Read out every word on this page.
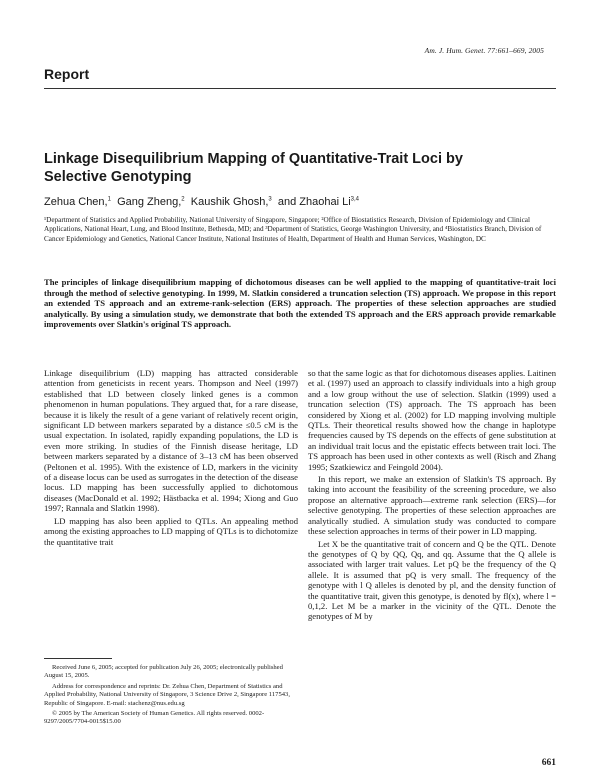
Am. J. Hum. Genet. 77:661–669, 2005
Report
Linkage Disequilibrium Mapping of Quantitative-Trait Loci by Selective Genotyping
Zehua Chen,$^1$ Gang Zheng,$^2$ Kaushik Ghosh,$^3$ and Zhaohai Li$^{3,4}$
¹Department of Statistics and Applied Probability, National University of Singapore, Singapore; ²Office of Biostatistics Research, Division of Epidemiology and Clinical Applications, National Heart, Lung, and Blood Institute, Bethesda, MD; and ³Department of Statistics, George Washington University, and ⁴Biostatistics Branch, Division of Cancer Epidemiology and Genetics, National Cancer Institute, National Institutes of Health, Department of Health and Human Services, Washington, DC
The principles of linkage disequilibrium mapping of dichotomous diseases can be well applied to the mapping of quantitative-trait loci through the method of selective genotyping. In 1999, M. Slatkin considered a truncation selection (TS) approach. We propose in this report an extended TS approach and an extreme-rank-selection (ERS) approach. The properties of these selection approaches are studied analytically. By using a simulation study, we demonstrate that both the extended TS approach and the ERS approach provide remarkable improvements over Slatkin's original TS approach.

Linkage disequilibrium (LD) mapping has attracted considerable attention from geneticists in recent years. Thompson and Neel (1997) established that LD between closely linked genes is a common phenomenon in human populations. They argued that, for a rare disease, because it is likely the result of a gene variant of relatively recent origin, significant LD between markers separated by a distance ≤0.5 cM is the usual expectation. In isolated, rapidly expanding populations, the LD is even more striking. In studies of the Finnish disease heritage, LD between markers separated by a distance of 3–13 cM has been observed (Peltonen et al. 1995). With the existence of LD, markers in the vicinity of a disease locus can be used as surrogates in the detection of the disease locus. LD mapping has been successfully applied to dichotomous diseases (MacDonald et al. 1992; Hästbacka et al. 1994; Xiong and Guo 1997; Rannala and Slatkin 1998).

LD mapping has also been applied to QTLs. An appealing method among the existing approaches to LD mapping of QTLs is to dichotomize the quantitative trait

so that the same logic as that for dichotomous diseases applies. Laitinen et al. (1997) used an approach to classify individuals into a high group and a low group without the use of selection. Slatkin (1999) used a truncation selection (TS) approach. The TS approach has been considered by Xiong et al. (2002) for LD mapping involving multiple QTLs. Their theoretical results showed how the change in haplotype frequencies caused by TS depends on the effects of gene substitution at an individual trait locus and the epistatic effects between trait loci. The TS approach has been used in other contexts as well (Risch and Zhang 1995; Szatkiewicz and Feingold 2004).

In this report, we make an extension of Slatkin's TS approach. By taking into account the feasibility of the screening procedure, we also propose an alternative approach—extreme rank selection (ERS)—for selective genotyping. The properties of these selection approaches are analytically studied. A simulation study was conducted to compare these selection approaches in terms of their power in LD mapping.

Let X be the quantitative trait of concern and Q be the QTL. Denote the genotypes of Q by QQ, Qq, and qq. Assume that the Q allele is associated with larger trait values. Let pQ be the frequency of the Q allele. It is assumed that pQ is very small. The frequency of the genotype with l Q alleles is denoted by pl, and the density function of the quantitative trait, given this genotype, is denoted by fl(x), where l = 0,1,2. Let M be a marker in the vicinity of the QTL. Denote the genotypes of M by

Received June 6, 2005; accepted for publication July 26, 2005; electronically published August 15, 2005.

Address for correspondence and reprints: Dr. Zehua Chen, Department of Statistics and Applied Probability, National University of Singapore, 3 Science Drive 2, Singapore 117543, Republic of Singapore. E-mail: stachenz@nus.edu.sg

© 2005 by The American Society of Human Genetics. All rights reserved. 0002-9297/2005/7704-0015$15.00

661
